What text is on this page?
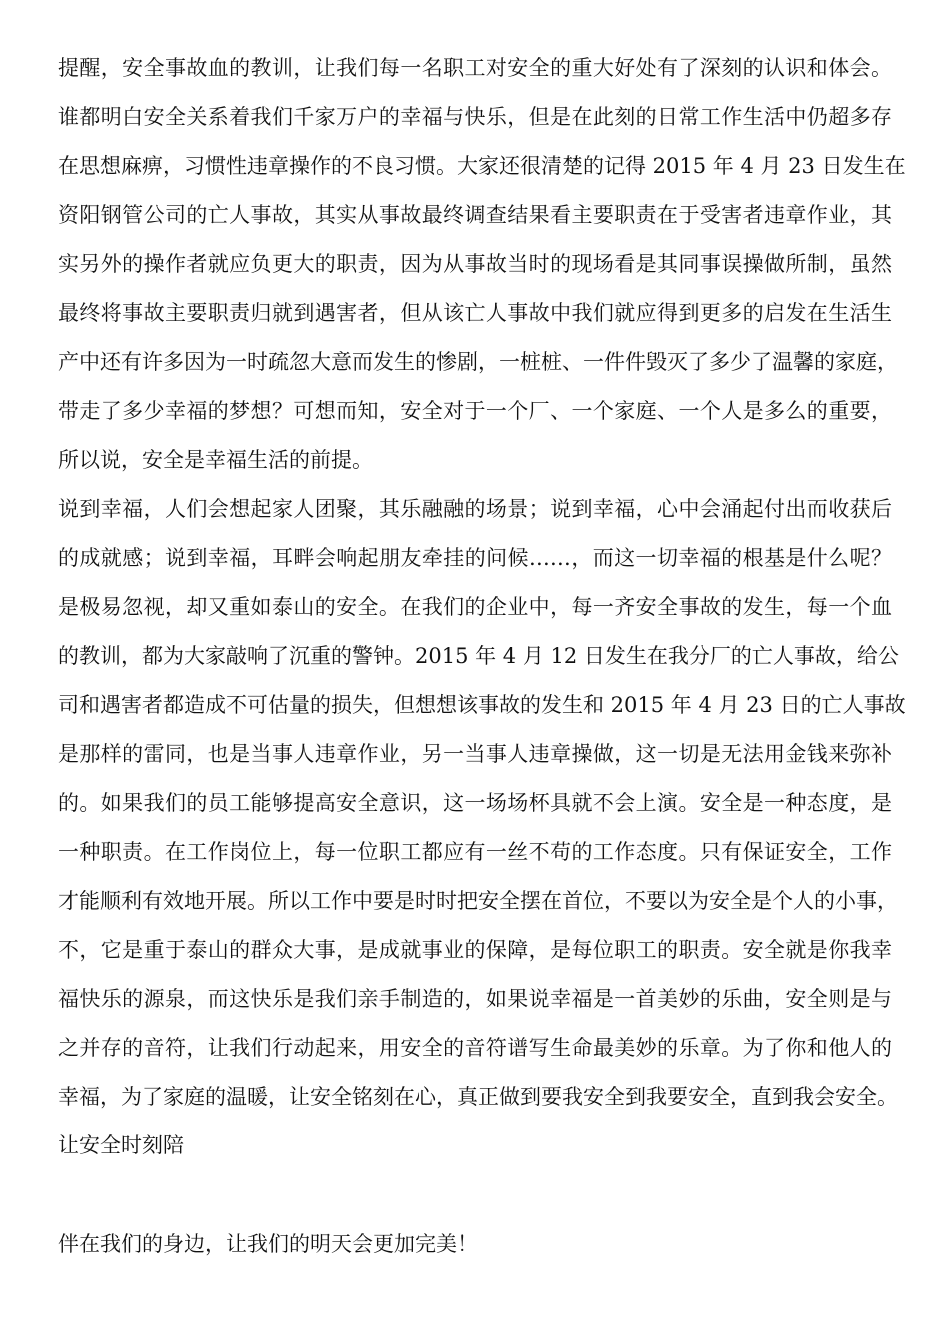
提醒，安全事故血的教训，让我们每一名职工对安全的重大好处有了深刻的认识和体会。
谁都明白安全关系着我们千家万户的幸福与快乐，但是在此刻的日常工作生活中仍超多存
在思想麻痹，习惯性违章操作的不良习惯。大家还很清楚的记得 2015 年 4 月 23 日发生在
资阳钢管公司的亡人事故，其实从事故最终调查结果看主要职责在于受害者违章作业，其
实另外的操作者就应负更大的职责，因为从事故当时的现场看是其同事误操做所制，虽然
最终将事故主要职责归就到遇害者，但从该亡人事故中我们就应得到更多的启发在生活生
产中还有许多因为一时疏忽大意而发生的惨剧，一桩桩、一件件毁灭了多少了温馨的家庭，
带走了多少幸福的梦想？可想而知，安全对于一个厂、一个家庭、一个人是多么的重要，
所以说，安全是幸福生活的前提。
说到幸福，人们会想起家人团聚，其乐融融的场景；说到幸福，心中会涌起付出而收获后
的成就感；说到幸福，耳畔会响起朋友牵挂的问候……，而这一切幸福的根基是什么呢？
是极易忽视，却又重如泰山的安全。在我们的企业中，每一齐安全事故的发生，每一个血
的教训，都为大家敲响了沉重的警钟。2015 年 4 月 12 日发生在我分厂的亡人事故，给公
司和遇害者都造成不可估量的损失，但想想该事故的发生和 2015 年 4 月 23 日的亡人事故
是那样的雷同，也是当事人违章作业，另一当事人违章操做，这一切是无法用金钱来弥补
的。如果我们的员工能够提高安全意识，这一场场杯具就不会上演。安全是一种态度，是
一种职责。在工作岗位上，每一位职工都应有一丝不苟的工作态度。只有保证安全，工作
才能顺利有效地开展。所以工作中要是时时把安全摆在首位，不要以为安全是个人的小事，
不，它是重于泰山的群众大事，是成就事业的保障，是每位职工的职责。安全就是你我幸
福快乐的源泉，而这快乐是我们亲手制造的，如果说幸福是一首美妙的乐曲，安全则是与
之并存的音符，让我们行动起来，用安全的音符谱写生命最美妙的乐章。为了你和他人的
幸福，为了家庭的温暖，让安全铭刻在心，真正做到要我安全到我要安全，直到我会安全。
让安全时刻陪
伴在我们的身边，让我们的明天会更加完美！
